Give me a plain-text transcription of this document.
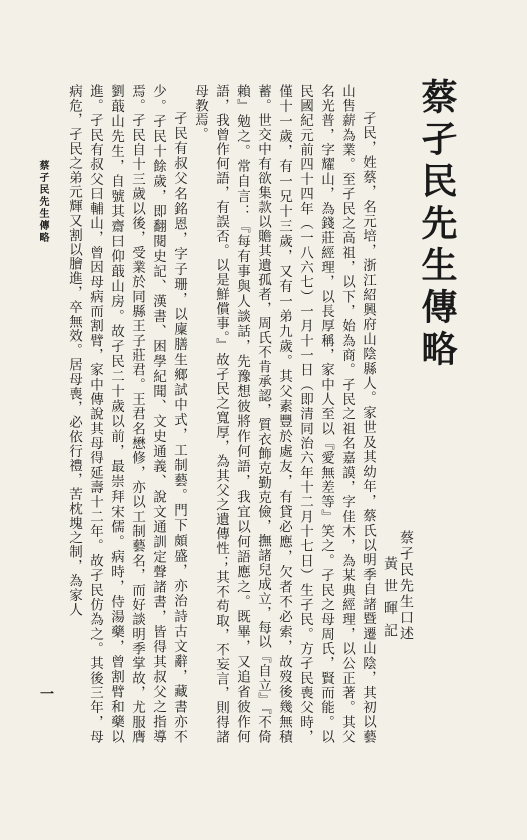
蔡孑民先生傳略
蔡孑民先生口述
黃 世 暉 記

孑民，姓蔡，名元培，浙江紹興府山陰縣人。家世及其幼年，蔡氏以明季自諸暨遷山陰，其初以藝山售薪為業。至孑民之高祖，以下，始為商。孑民之祖名嘉謨，字佳木，為某典經理，以公正著。其父名光普，字耀山，為錢莊經理，以長厚稱，家中人至以『愛無差等』笑之。孑民之母周氏，賢而能。以民國紀元前四十四年（一八六七）一月十一日（即清同治六年十二月十七日）生孑民。方孑民喪父時，僅十一歲，有一兄十三歲，又有一弟九歲。其父素豐於處友，有貸必應，欠者不必索，故歿後幾無積蓄。世交中有欲集款以贍其遺孤者，周氏不肯承認，質衣飾克勤克儉，撫諸兒成立，每以『自立』『不倚賴』勉之。常自言：『每有事與人談話，先豫想彼將作何語，我宜以何語應之。既畢，又追省彼作何語，我曾作何語，有誤否。以是鮮償事。』故孑民之寬厚，為其父之遺傳性；其不苟取，不妄言，則得諸母教焉。

孑民有叔父名銘恩，字子珊，以廩膳生鄉試中式，工制藝。門下頗盛，亦治詩古文辭，藏書亦不少。孑民十餘歲，即翻閱史記、漢書、困學紀聞、文史通義、說文通訓定聲諸書，皆得其叔父之指導焉。孑民自十三歲以後，受業於同縣王子莊君。王君名懋修，亦以工制藝名，而好談明季掌故，尤服膺劉蕺山先生，自號其齋曰仰蕺山房。故孑民二十歲以前，最崇拜宋儒。病時，侍湯藥，曾割臂和藥以進。孑民有叔父曰輔山，曾因母病而割臂，家中傳說其母得延壽十二年。故孑民仿為之。其後三年，母病危，孑民之弟元輝又割以膾進，卒無效。居母喪，必依行禮，苦枕塊之制，為家人

蔡孑民先生傳略
一
